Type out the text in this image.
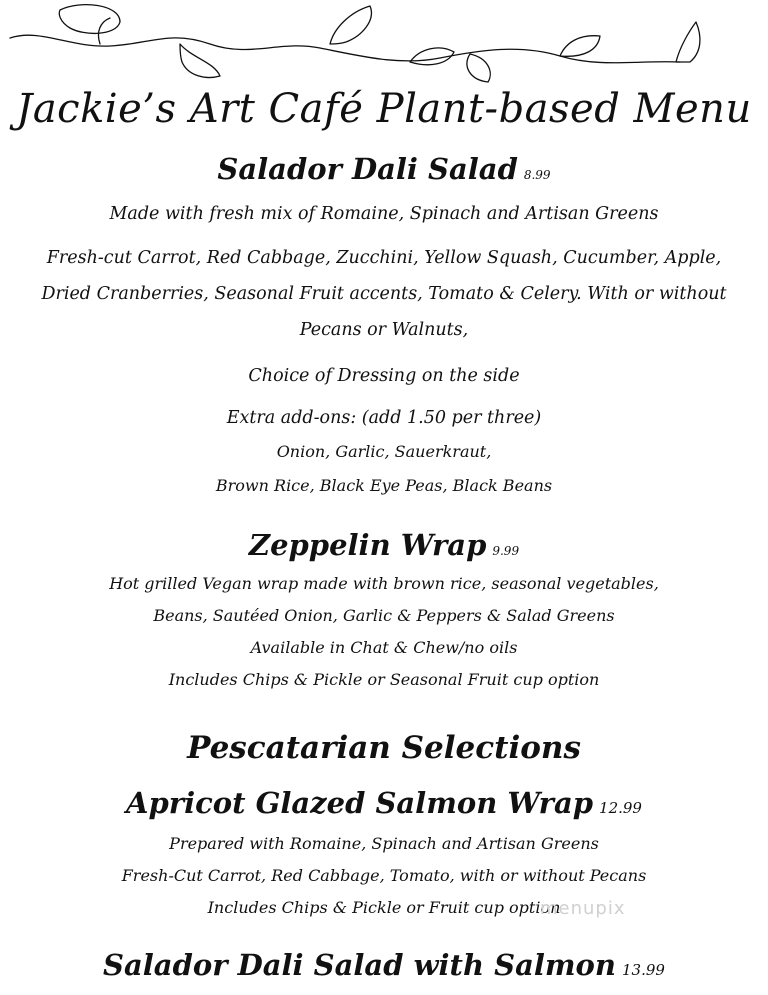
Jackie’s Art Café Plant-based Menu
Salador Dali Salad 8.99
Made with fresh mix of Romaine, Spinach and Artisan Greens
Fresh-cut Carrot, Red Cabbage, Zucchini, Yellow Squash, Cucumber, Apple,
Dried Cranberries, Seasonal Fruit accents, Tomato & Celery. With or without
Pecans or Walnuts,
Choice of Dressing on the side
Extra add-ons: (add 1.50 per three)
Onion, Garlic, Sauerkraut,
Brown Rice, Black Eye Peas, Black Beans
Zeppelin Wrap 9.99
Hot grilled Vegan wrap made with brown rice, seasonal vegetables,
Beans, Sautéed Onion, Garlic & Peppers & Salad Greens
Available in Chat & Chew/no oils
Includes Chips & Pickle or Seasonal Fruit cup option
Pescatarian Selections
Apricot Glazed Salmon Wrap 12.99
Prepared with Romaine, Spinach and Artisan Greens
Fresh-Cut Carrot, Red Cabbage, Tomato, with or without Pecans
Includes Chips & Pickle or Fruit cup option
Salador Dali Salad with Salmon 13.99
menupix
